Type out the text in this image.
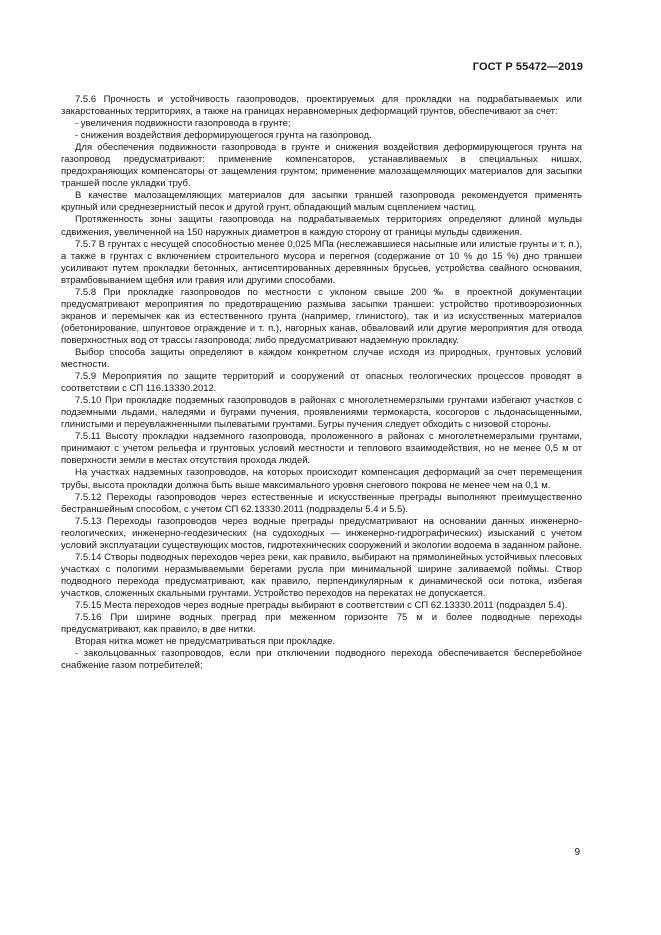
ГОСТ Р 55472—2019

7.5.6 Прочность и устойчивость газопроводов, проектируемых для прокладки на подрабатываемых или закарстованных территориях, а также на границах неравномерных деформаций грунтов, обеспечивают за счет:

- увеличения подвижности газопровода в грунте;

- снижения воздействия деформирующегося грунта на газопровод.

Для обеспечения подвижности газопровода в грунте и снижения воздействия деформирующегося грунта на газопровод предусматривают: применение компенсаторов, устанавливаемых в специальных нишах, предохраняющих компенсаторы от защемления грунтом; применение малозащемляющих материалов для засыпки траншей после укладки труб.

В качестве малозащемляющих материалов для засыпки траншей газопровода рекомендуется применять крупный или среднезернистый песок и другой грунт, обладающий малым сцеплением частиц.

Протяженность зоны защиты газопровода на подрабатываемых территориях определяют длиной мульды сдвижения, увеличенной на 150 наружных диаметров в каждую сторону от границы мульды сдвижения.

7.5.7 В грунтах с несущей способностью менее 0,025 МПа (неслежавшиеся насыпные или илистые грунты и т. п.), а также в грунтах с включением строительного мусора и перегноя (содержание от 10 % до 15 %) дно траншеи усиливают путем прокладки бетонных, антисептированных деревянных брусьев, устройства свайного основания, втрамбовыванием щебня или гравия или другими способами.

7.5.8 При прокладке газопроводов по местности с уклоном свыше 200 ‰ в проектной документации предусматривают мероприятия по предотвращению размыва засыпки траншеи: устройство противоэрозионных экранов и перемычек как из естественного грунта (например, глинистого), так и из искусственных материалов (обетонирование, шпунтовое ограждение и т. п.), нагорных канав, обваловаий или другие мероприятия для отвода поверхностных вод от трассы газопровода; либо предусматривают надземную прокладку.

Выбор способа защиты определяют в каждом конкретном случае исходя из природных, грунтовых условий местности.

7.5.9 Мероприятия по защите территорий и сооружений от опасных геологических процессов проводят в соответствии с СП 116.13330.2012.

7.5.10 При прокладке подземных газопроводов в районах с многолетнемерзлыми грунтами избегают участков с подземными льдами, наледями и буграми пучения, проявлениями термокарста, косогоров с льдонасыщенными, глинистыми и переувлажненными пылеватыми грунтами. Бугры пучения следует обходить с низовой стороны.

7.5.11 Высоту прокладки надземного газопровода, проложенного в районах с многолетнемерзлыми грунтами, принимают с учетом рельефа и грунтовых условий местности и теплового взаимодействия, но не менее 0,5 м от поверхности земли в местах отсутствия прохода людей.

На участках надземных газопроводов, на которых происходит компенсация деформаций за счет перемещения трубы, высота прокладки должна быть выше максимального уровня снегового покрова не менее чем на 0,1 м.

7.5.12 Переходы газопроводов через естественные и искусственные преграды выполняют преимущественно бестраншейным способом, с учетом СП 62.13330.2011 (подразделы 5.4 и 5.5).

7.5.13 Переходы газопроводов через водные преграды предусматривают на основании данных инженерно-геологических, инженерно-геодезических (на судоходных — инженерно-гидрографических) изысканий с учетом условий эксплуатации существующих мостов, гидротехнических сооружений и экологии водоема в заданном районе.

7.5.14 Створы подводных переходов через реки, как правило, выбирают на прямолинейных устойчивых плесовых участках с пологими неразмываемыми берегами русла при минимальной ширине заливаемой поймы. Створ подводного перехода предусматривают, как правило, перпендикулярным к динамической оси потока, избегая участков, сложенных скальными грунтами. Устройство переходов на перекатах не допускается.

7.5.15 Места переходов через водные преграды выбирают в соответствии с СП 62.13330.2011 (подраздел 5.4).

7.5.16 При ширине водных преград при меженном горизонте 75 м и более подводные переходы предусматривают, как правило, в две нитки.

Вторая нитка может не предусматриваться при прокладке.

- закольцованных газопроводов, если при отключении подводного перехода обеспечивается бесперебойное снабжение газом потребителей;

9
